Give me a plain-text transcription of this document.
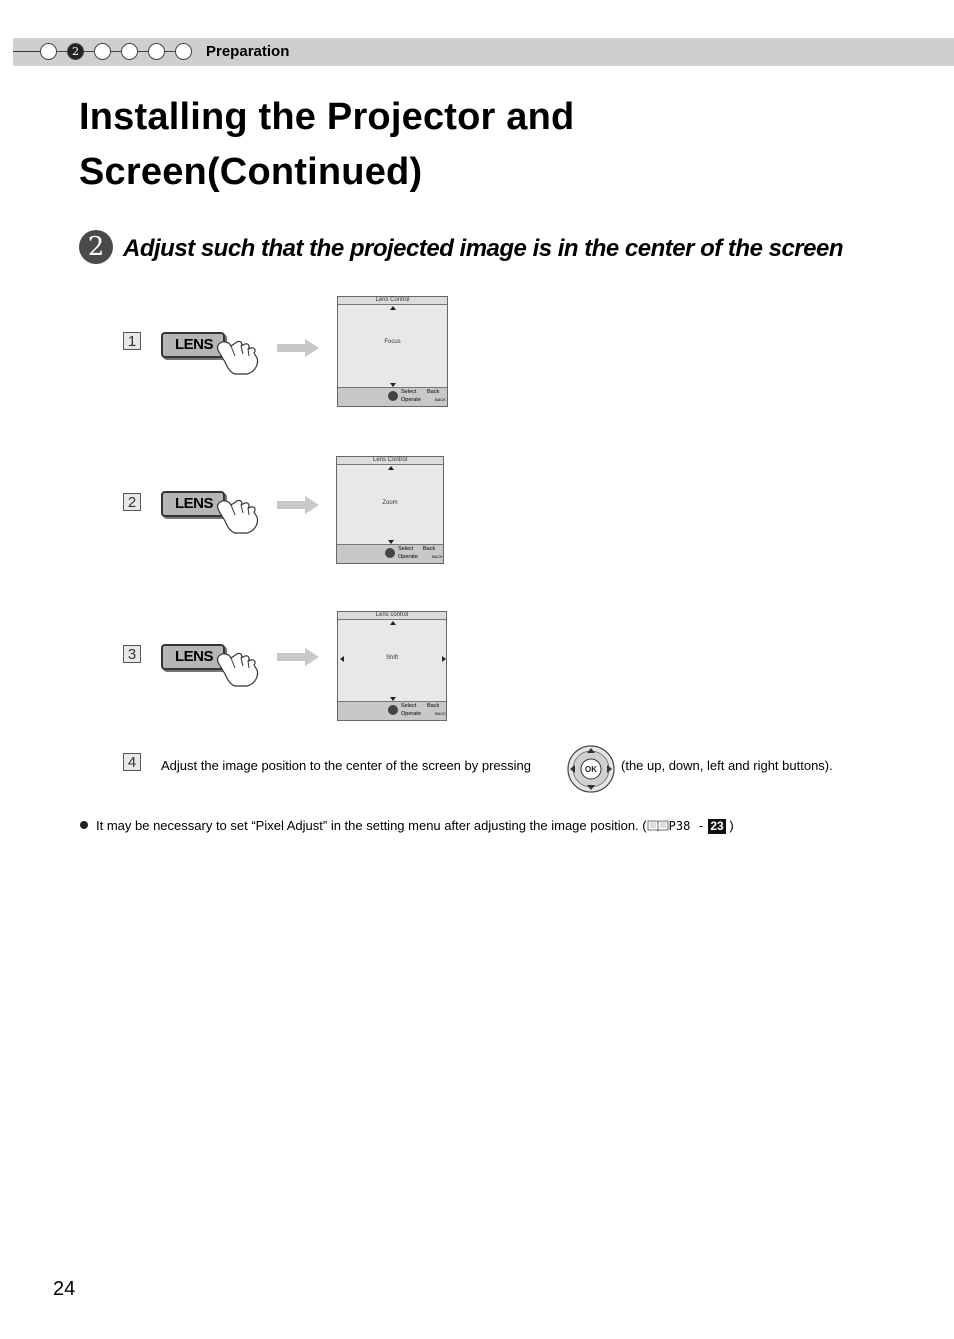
2	Preparation
Installing the Projector and
Screen(Continued)
2 Adjust such that the projected image is in the center of the screen
1	LENS
Lens Control
Focus
Select
Operate
Back
BACK
2	LENS
Lens Control
Zoom
Select
Operate
Back
BACK
3	LENS
Lens control
Shift
Select
Operate
Back
BACK
4	Adjust the image position to the center of the screen by pressing	OK (the up, down, left and right buttons).
It may be necessary to set “Pixel Adjust” in the setting menu after adjusting the image position. ( P38 - 23 )
24
